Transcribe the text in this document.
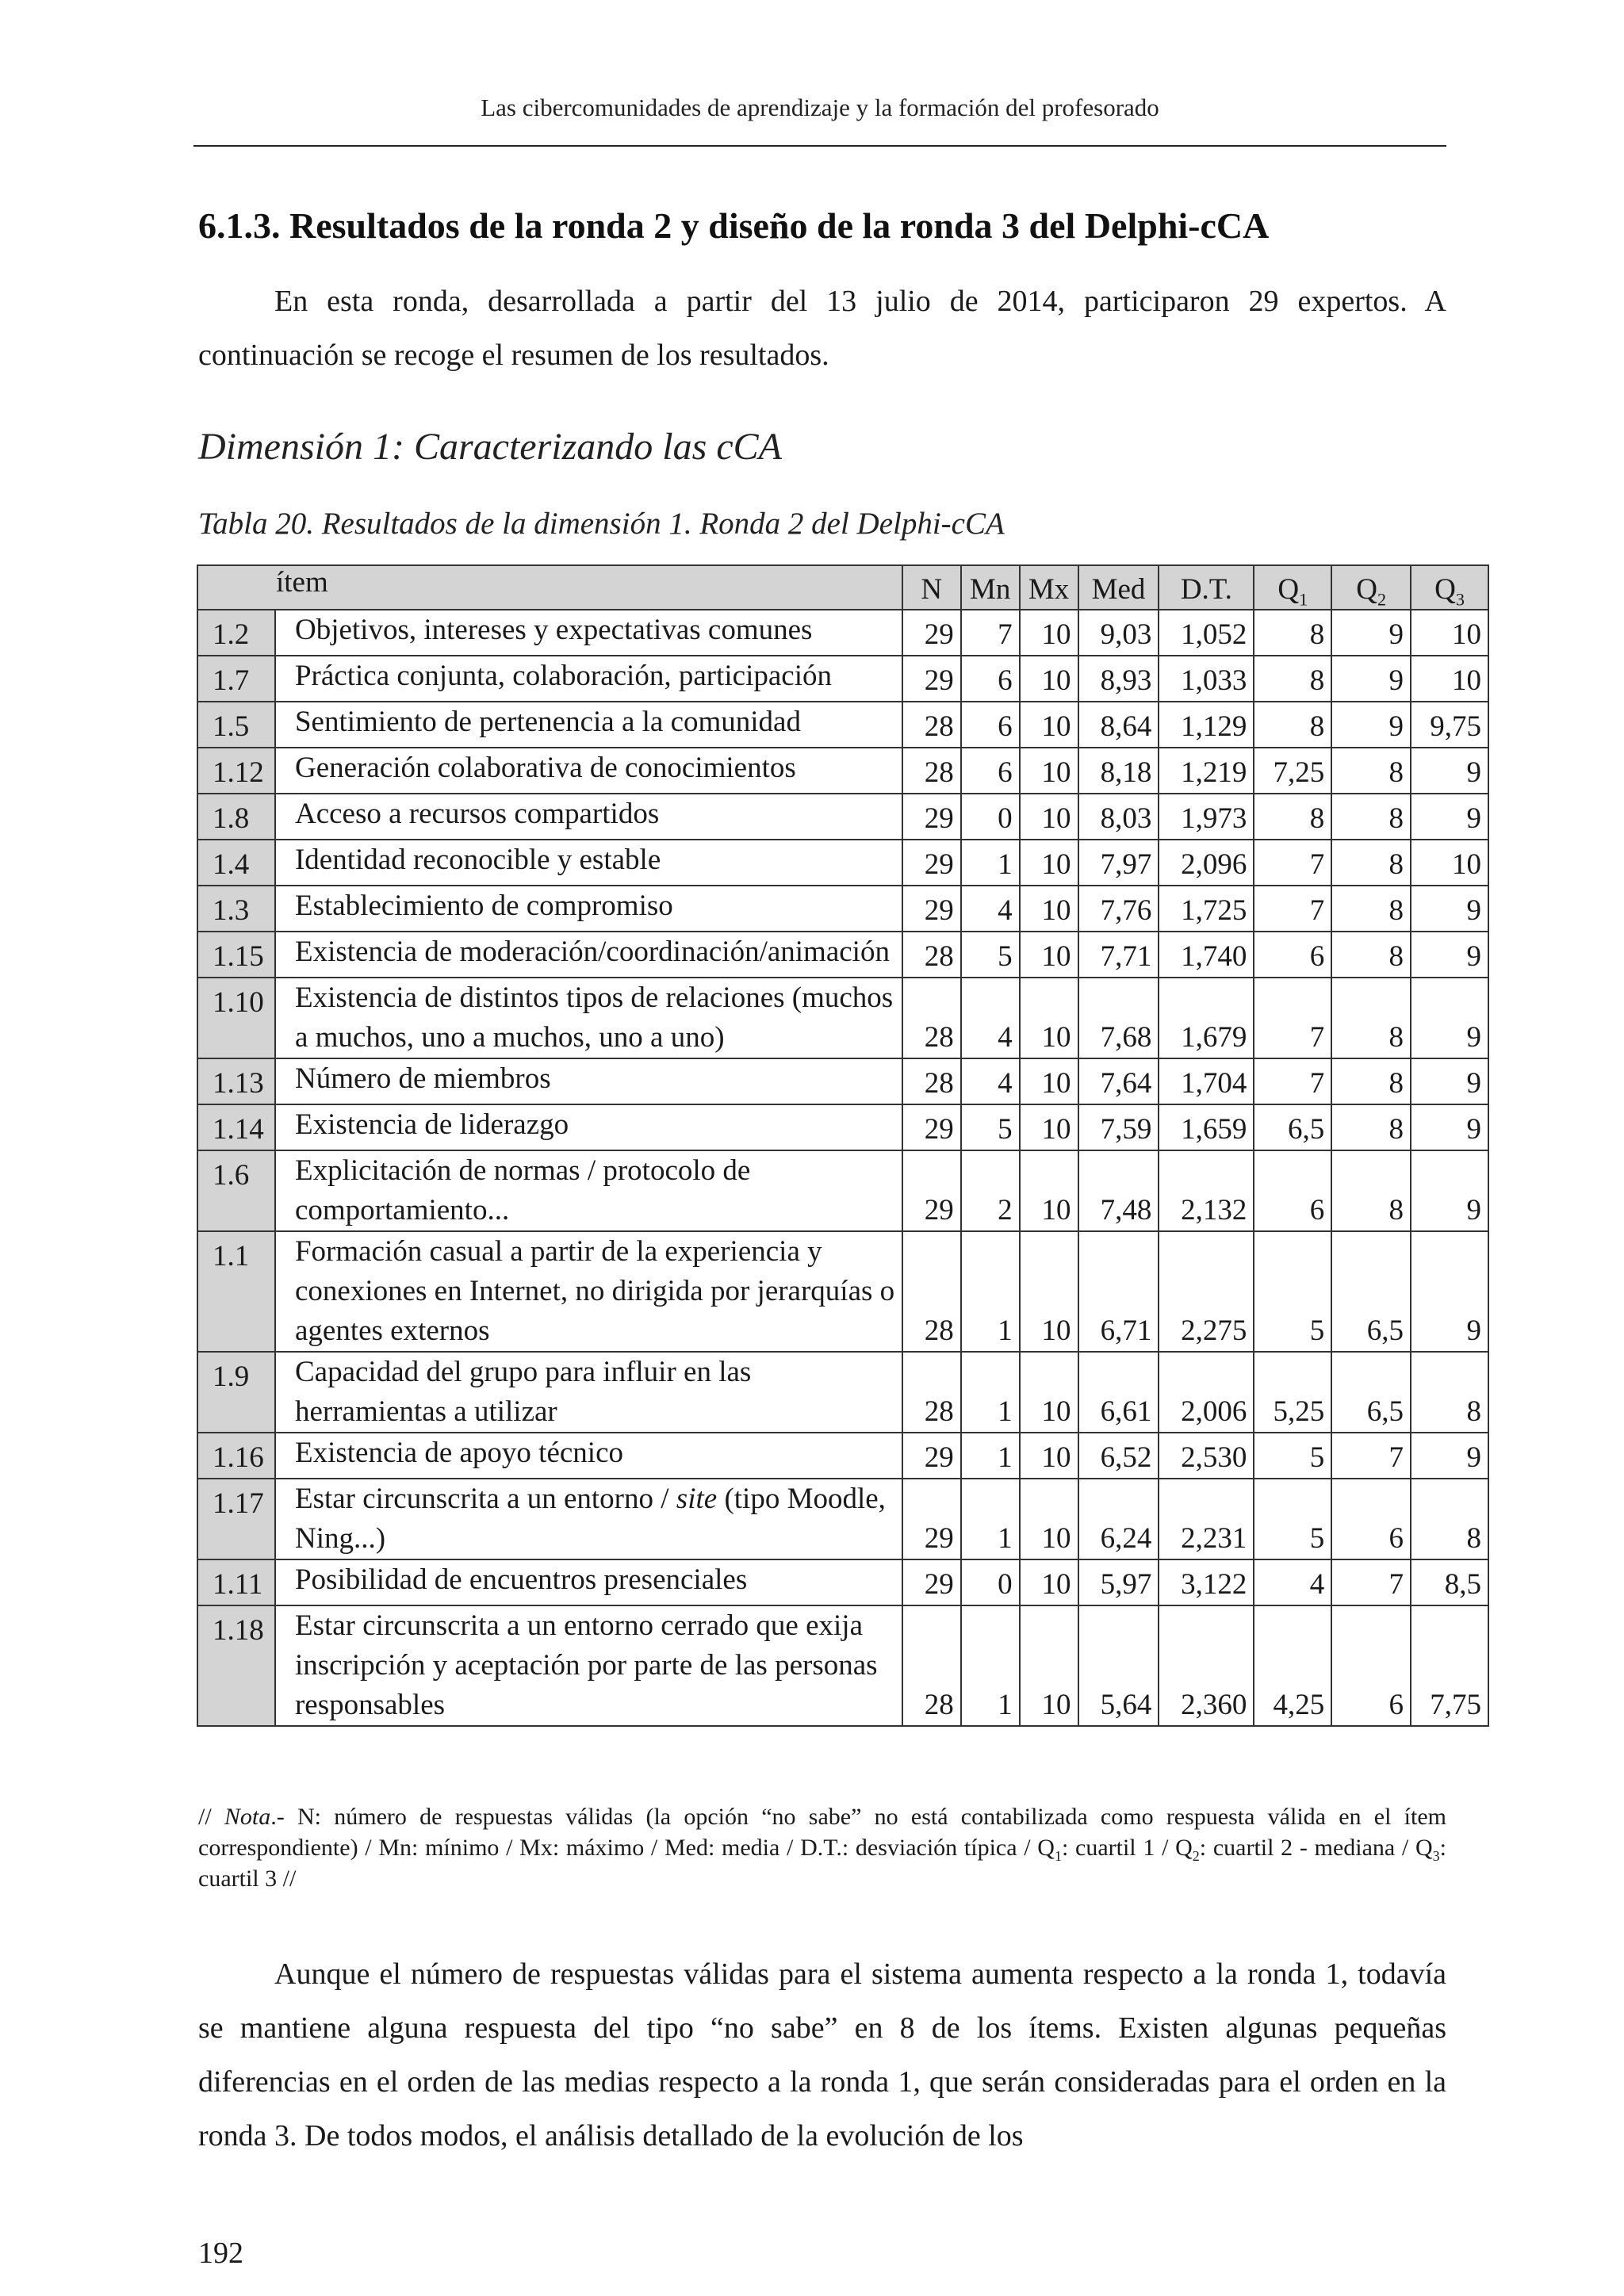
Las cibercomunidades de aprendizaje y la formación del profesorado
6.1.3. Resultados de la ronda 2 y diseño de la ronda 3 del Delphi-cCA

En esta ronda, desarrollada a partir del 13 julio de 2014, participaron 29 expertos. A continuación se recoge el resumen de los resultados.

Dimensión 1: Caracterizando las cCA
Tabla 20. Resultados de la dimensión 1. Ronda 2 del Delphi-cCA
ítem		N	Mn	Mx	Med	D.T.	$Q_1$	$Q_2$	$Q_3$
1.2	Objetivos, intereses y expectativas comunes	29	7	10	9,03	1,052	8	9	10
1.7	Práctica conjunta, colaboración, participación	29	6	10	8,93	1,033	8	9	10
1.5	Sentimiento de pertenencia a la comunidad	28	6	10	8,64	1,129	8	9	9,75
1.12	Generación colaborativa de conocimientos	28	6	10	8,18	1,219	7,25	8	9
1.8	Acceso a recursos compartidos	29	0	10	8,03	1,973	8	8	9
1.4	Identidad reconocible y estable	29	1	10	7,97	2,096	7	8	10
1.3	Establecimiento de compromiso	29	4	10	7,76	1,725	7	8	9
1.15	Existencia de moderación/coordinación/animación	28	5	10	7,71	1,740	6	8	9
1.10	Existencia de distintos tipos de relaciones (muchos a muchos, uno a muchos, uno a uno)	28	4	10	7,68	1,679	7	8	9
1.13	Número de miembros	28	4	10	7,64	1,704	7	8	9
1.14	Existencia de liderazgo	29	5	10	7,59	1,659	6,5	8	9
1.6	Explicitación de normas / protocolo de comportamiento...	29	2	10	7,48	2,132	6	8	9
1.1	Formación casual a partir de la experiencia y conexiones en Internet, no dirigida por jerarquías o agentes externos	28	1	10	6,71	2,275	5	6,5	9
1.9	Capacidad del grupo para influir en las herramientas a utilizar	28	1	10	6,61	2,006	5,25	6,5	8
1.16	Existencia de apoyo técnico	29	1	10	6,52	2,530	5	7	9
1.17	Estar circunscrita a un entorno / site (tipo Moodle, Ning...)	29	1	10	6,24	2,231	5	6	8
1.11	Posibilidad de encuentros presenciales	29	0	10	5,97	3,122	4	7	8,5
1.18	Estar circunscrita a un entorno cerrado que exija inscripción y aceptación por parte de las personas responsables	28	1	10	5,64	2,360	4,25	6	7,75

// Nota.- N: número de respuestas válidas (la opción “no sabe” no está contabilizada como respuesta válida en el ítem correspondiente) / Mn: mínimo / Mx: máximo / Med: media / D.T.: desviación típica / $Q_1$: cuartil $1 / Q_2$: cuartil 2 - mediana / $Q_3$: cuartil 3 //

Aunque el número de respuestas válidas para el sistema aumenta respecto a la ronda 1, todavía se mantiene alguna respuesta del tipo “no sabe” en 8 de los ítems. Existen algunas pequeñas diferencias en el orden de las medias respecto a la ronda 1, que serán consideradas para el orden en la ronda 3. De todos modos, el análisis detallado de la evolución de los

192
